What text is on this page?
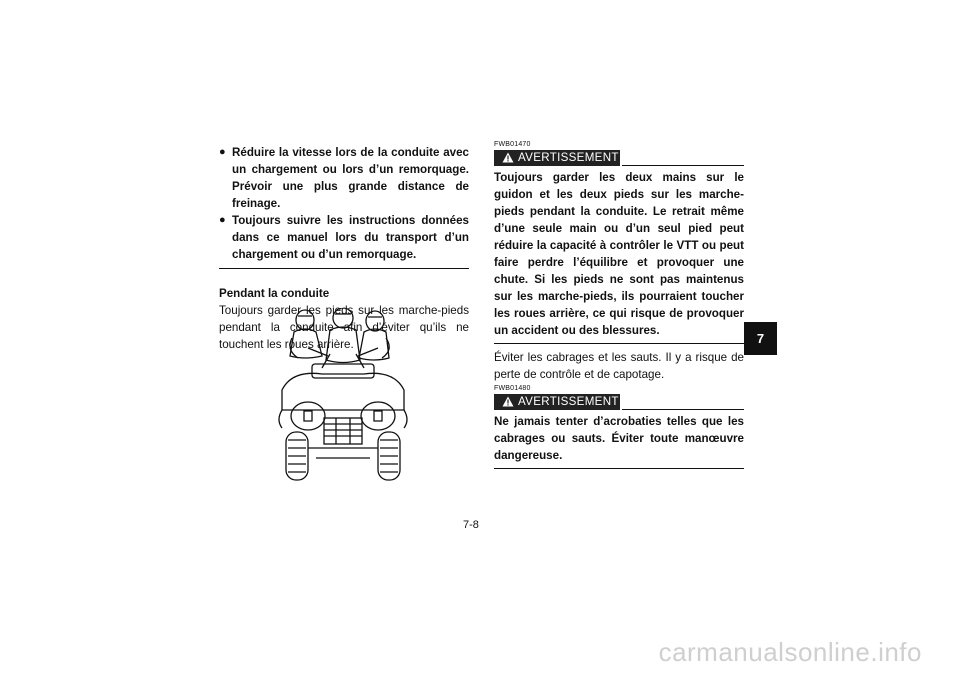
● Réduire la vitesse lors de la conduite avec un chargement ou lors d’un remorquage. Prévoir une plus grande distance de freinage.
● Toujours suivre les instructions données dans ce manuel lors du transport d’un chargement ou d’un remorquage.
Pendant la conduite
Toujours garder les pieds sur les marche-pieds pendant la conduite afin d’éviter qu’ils ne touchent les roues arrière.
FWB01470
AVERTISSEMENT
Toujours garder les deux mains sur le guidon et les deux pieds sur les marche-pieds pendant la conduite. Le retrait même d’une seule main ou d’un seul pied peut réduire la capacité à contrôler le VTT ou peut faire perdre l’équilibre et provoquer une chute. Si les pieds ne sont pas maintenus sur les marche-pieds, ils pourraient toucher les roues arrière, ce qui risque de provoquer un accident ou des blessures.
Éviter les cabrages et les sauts. Il y a risque de perte de contrôle et de capotage.
FWB01480
AVERTISSEMENT
Ne jamais tenter d’acrobaties telles que les cabrages ou sauts. Éviter toute manœuvre dangereuse.
7
7-8
carmanualsonline.info
